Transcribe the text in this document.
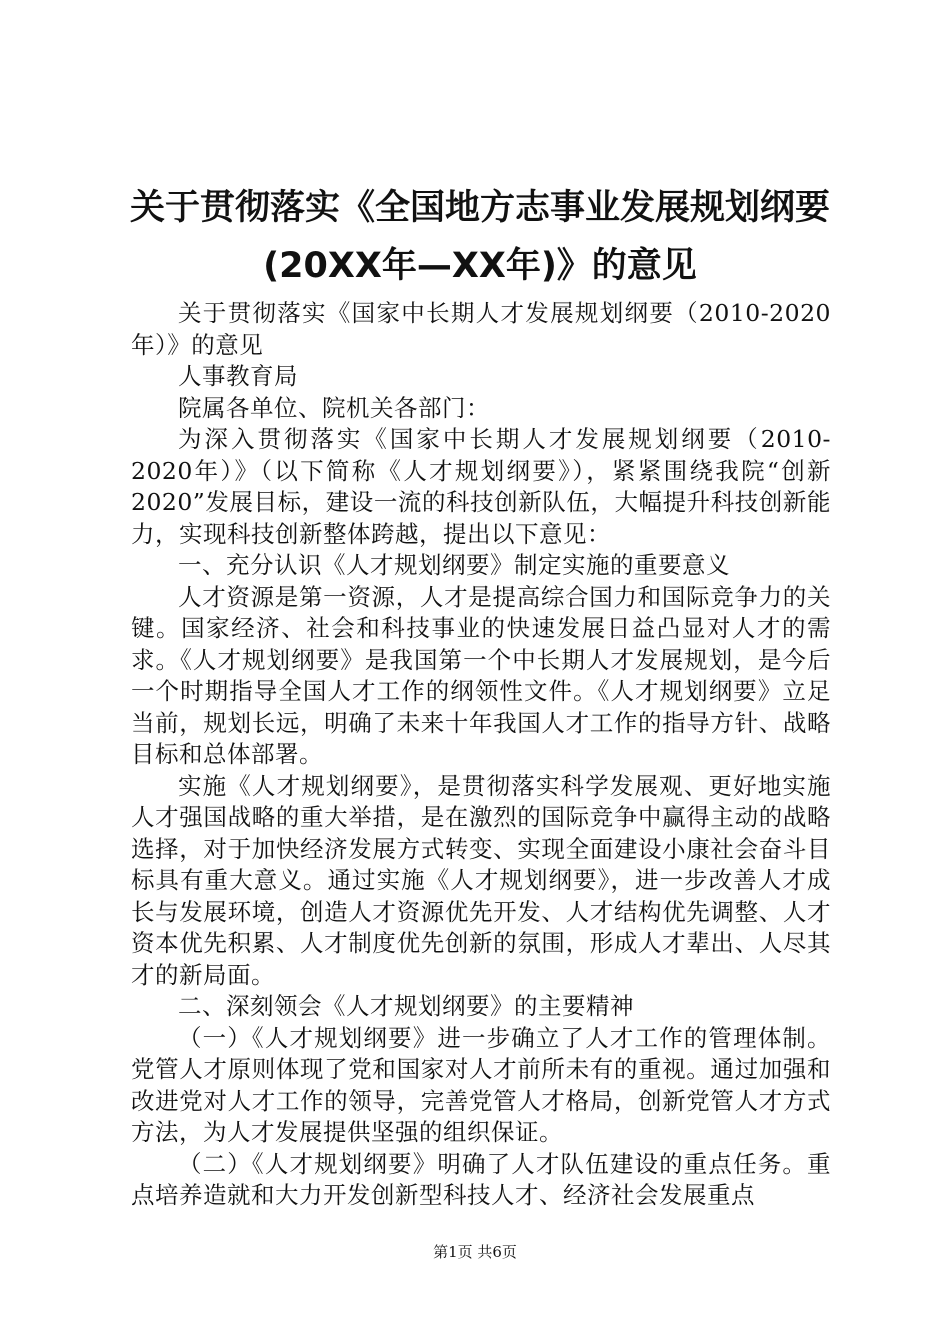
关于贯彻落实《全国地方志事业发展规划纲要
(20XX年—XX年)》的意见

关于贯彻落实《国家中长期人才发展规划纲要（2010-2020年）》的意见

人事教育局

院属各单位、院机关各部门：

为深入贯彻落实《国家中长期人才发展规划纲要（2010-2020年）》（以下简称《人才规划纲要》），紧紧围绕我院“创新2020”发展目标，建设一流的科技创新队伍，大幅提升科技创新能力，实现科技创新整体跨越，提出以下意见：

一、充分认识《人才规划纲要》制定实施的重要意义

人才资源是第一资源，人才是提高综合国力和国际竞争力的关键。国家经济、社会和科技事业的快速发展日益凸显对人才的需求。《人才规划纲要》是我国第一个中长期人才发展规划，是今后一个时期指导全国人才工作的纲领性文件。《人才规划纲要》立足当前，规划长远，明确了未来十年我国人才工作的指导方针、战略目标和总体部署。

实施《人才规划纲要》，是贯彻落实科学发展观、更好地实施人才强国战略的重大举措，是在激烈的国际竞争中赢得主动的战略选择，对于加快经济发展方式转变、实现全面建设小康社会奋斗目标具有重大意义。通过实施《人才规划纲要》，进一步改善人才成长与发展环境，创造人才资源优先开发、人才结构优先调整、人才资本优先积累、人才制度优先创新的氛围，形成人才辈出、人尽其才的新局面。

二、深刻领会《人才规划纲要》的主要精神

（一）《人才规划纲要》进一步确立了人才工作的管理体制。党管人才原则体现了党和国家对人才前所未有的重视。通过加强和改进党对人才工作的领导，完善党管人才格局，创新党管人才方式方法，为人才发展提供坚强的组织保证。

（二）《人才规划纲要》明确了人才队伍建设的重点任务。重点培养造就和大力开发创新型科技人才、经济社会发展重点

第1页 共6页
